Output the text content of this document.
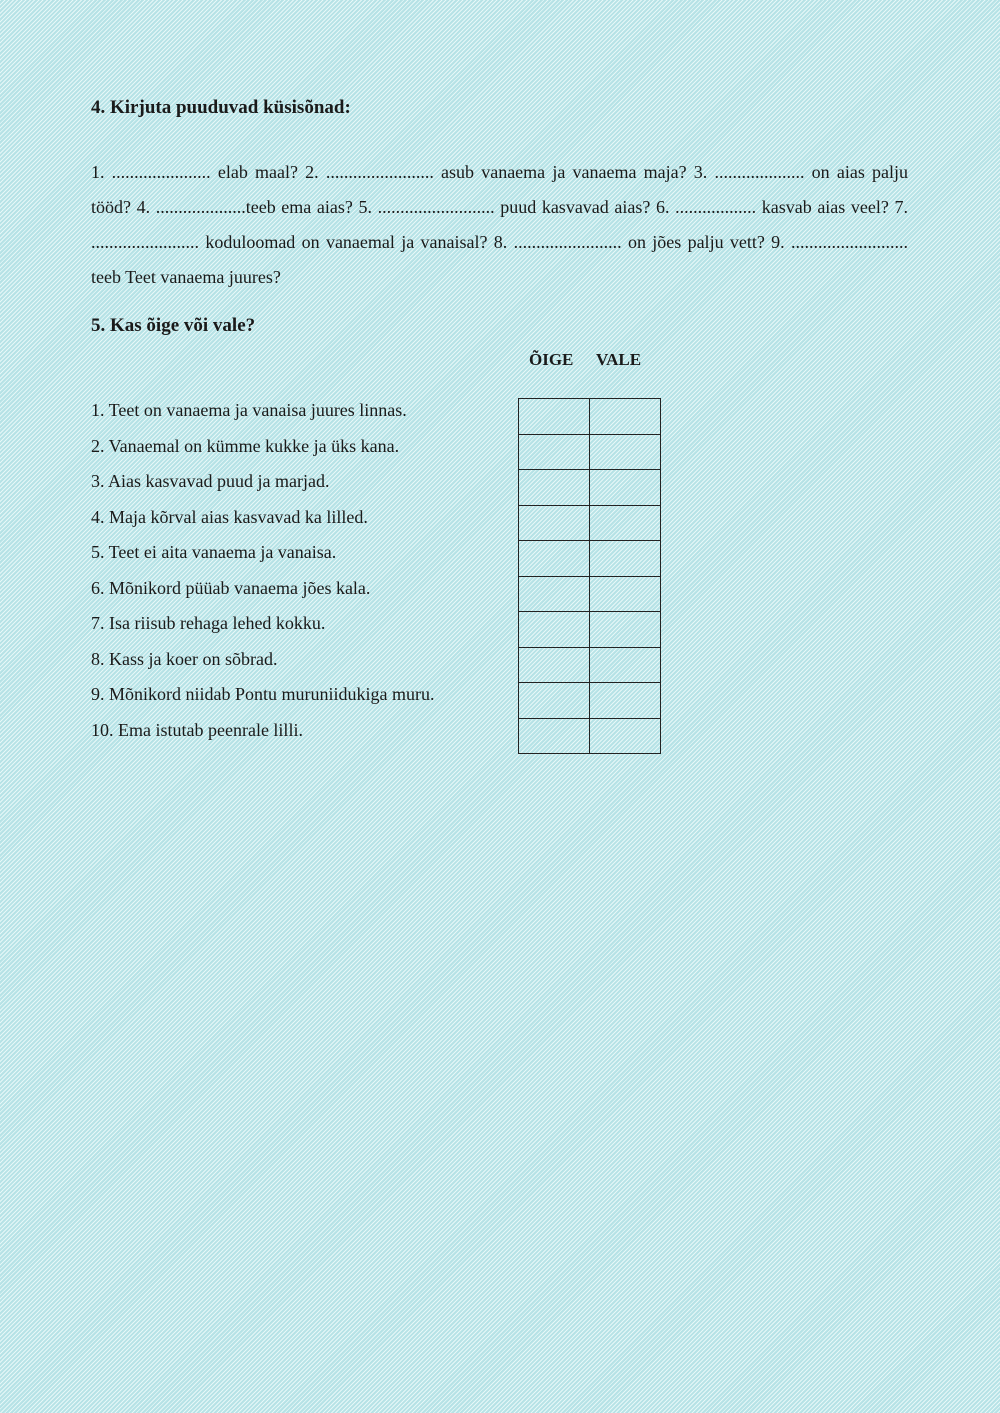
4. Kirjuta puuduvad küsisõnad:

1. ...................... elab maal? 2. ........................ asub vanaema ja vanaema maja? 3. .................... on aias palju tööd? 4. ....................teeb ema aias? 5. .......................... puud kasvavad aias? 6. .................. kasvab aias veel? 7. ........................ koduloomad on vanaemal ja vanaisal? 8. ........................ on jões palju vett? 9. .......................... teeb Teet vanaema juures?

5. Kas õige või vale?
ÕIGE VALE
1. Teet on vanaema ja vanaisa juures linnas.
2. Vanaemal on kümme kukke ja üks kana.
3. Aias kasvavad puud ja marjad.
4. Maja kõrval aias kasvavad ka lilled.
5. Teet ei aita vanaema ja vanaisa.
6. Mõnikord püüab vanaema jões kala.
7. Isa riisub rehaga lehed kokku.
8. Kass ja koer on sõbrad.
9. Mõnikord niidab Pontu muruniidukiga muru.
10. Ema istutab peenrale lilli.
